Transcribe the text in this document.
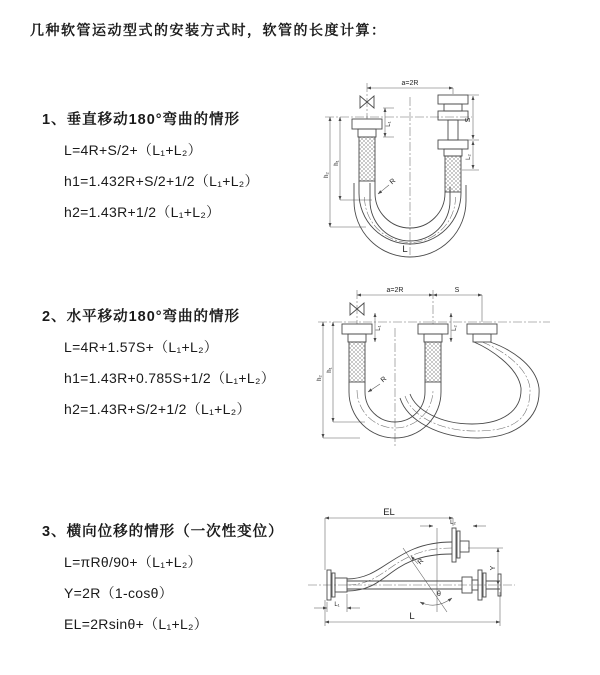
几种软管运动型式的安装方式时，软管的长度计算：
1、垂直移动180°弯曲的情形
L=4R+S/2+（L₁+L₂）
h1=1.432R+S/2+1/2（L₁+L₂）
h2=1.43R+1/2（L₁+L₂）
2、水平移动180°弯曲的情形
L=4R+1.57S+（L₁+L₂）
h1=1.43R+0.785S+1/2（L₁+L₂）
h2=1.43R+S/2+1/2（L₁+L₂）
3、横向位移的情形（一次性变位）
L=πRθ/90+（L₁+L₂）
Y=2R（1-cosθ）
EL=2Rsinθ+（L₁+L₂）
a=2R
S
L₂
L₁
h₁
h₂
R
L
a=2R	S
L₁	L₂
h₁
h₂	R
EL
L₂
Y
R
θ
L
L₁
